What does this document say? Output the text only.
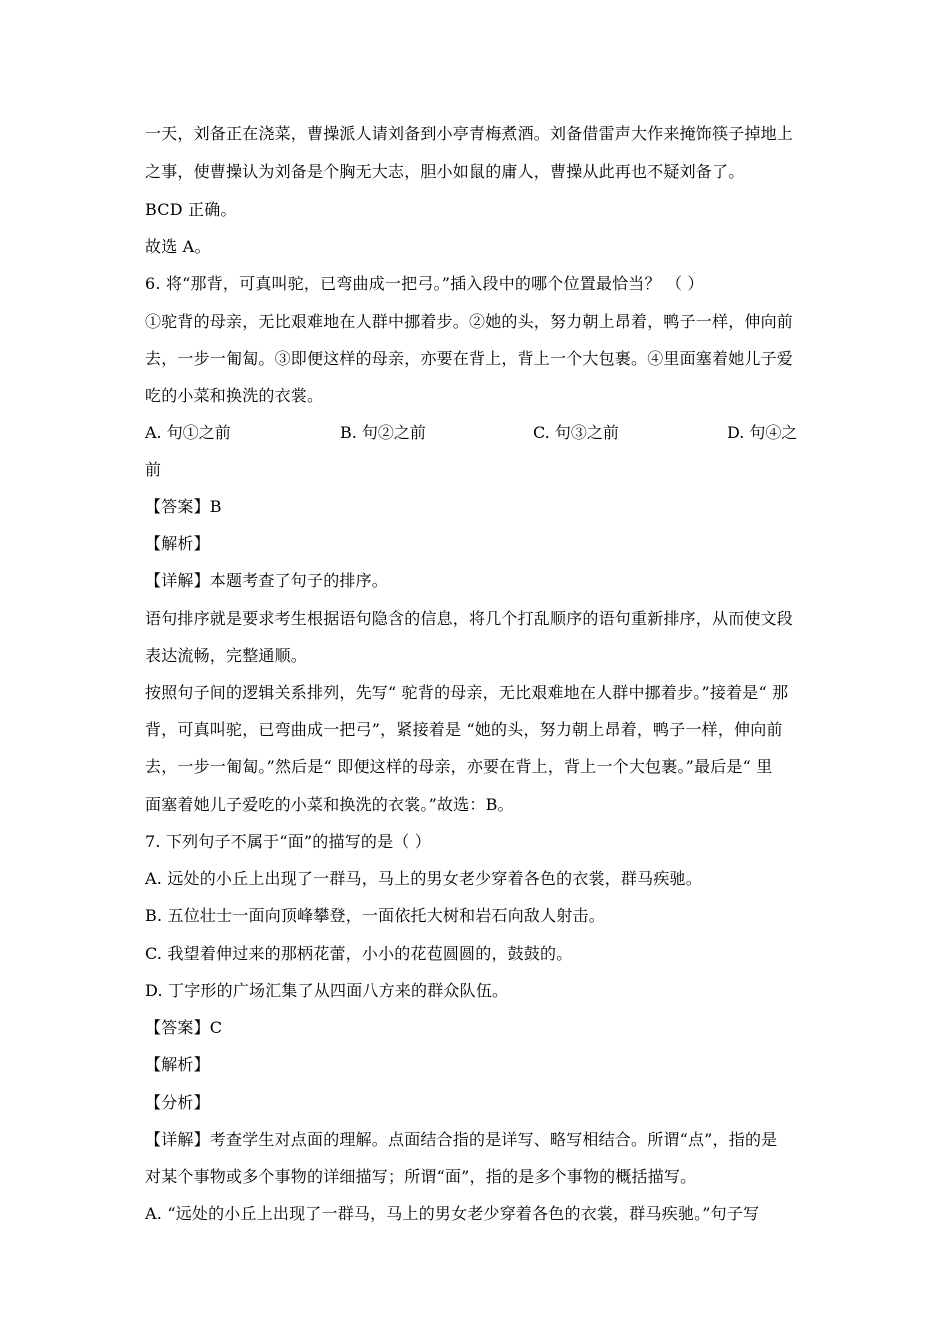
一天，刘备正在浇菜，曹操派人请刘备到小亭青梅煮酒。刘备借雷声大作来掩饰筷子掉地上
之事，使曹操认为刘备是个胸无大志，胆小如鼠的庸人，曹操从此再也不疑刘备了。
BCD 正确。
故选 A。
6. 将“那背，可真叫驼，已弯曲成一把弓。”插入段中的哪个位置最恰当？ （ ）
①驼背的母亲，无比艰难地在人群中挪着步。②她的头，努力朝上昂着，鸭子一样，伸向前
去，一步一匍匐。③即便这样的母亲，亦要在背上，背上一个大包裹。④里面塞着她儿子爱
吃的小菜和换洗的衣裳。
A. 句①之前	B. 句②之前	C. 句③之前	D. 句④之
前
【答案】B
【解析】
【详解】本题考查了句子的排序。
语句排序就是要求考生根据语句隐含的信息，将几个打乱顺序的语句重新排序，从而使文段
表达流畅，完整通顺。
按照句子间的逻辑关系排列，先写“ 驼背的母亲，无比艰难地在人群中挪着步。”接着是“ 那
背，可真叫驼，已弯曲成一把弓”，紧接着是 “她的头，努力朝上昂着，鸭子一样，伸向前
去，一步一匍匐。”然后是“ 即便这样的母亲，亦要在背上，背上一个大包裹。”最后是“ 里
面塞着她儿子爱吃的小菜和换洗的衣裳。”故选：B。
7. 下列句子不属于“面”的描写的是（ ）
A. 远处的小丘上出现了一群马，马上的男女老少穿着各色的衣裳，群马疾驰。
B. 五位壮士一面向顶峰攀登，一面依托大树和岩石向敌人射击。
C. 我望着伸过来的那柄花蕾，小小的花苞圆圆的，鼓鼓的。
D. 丁字形的广场汇集了从四面八方来的群众队伍。
【答案】C
【解析】
【分析】
【详解】考查学生对点面的理解。点面结合指的是详写、略写相结合。所谓“点”，指的是
对某个事物或多个事物的详细描写；所谓“面”，指的是多个事物的概括描写。
A. “远处的小丘上出现了一群马，马上的男女老少穿着各色的衣裳，群马疾驰。”句子写
